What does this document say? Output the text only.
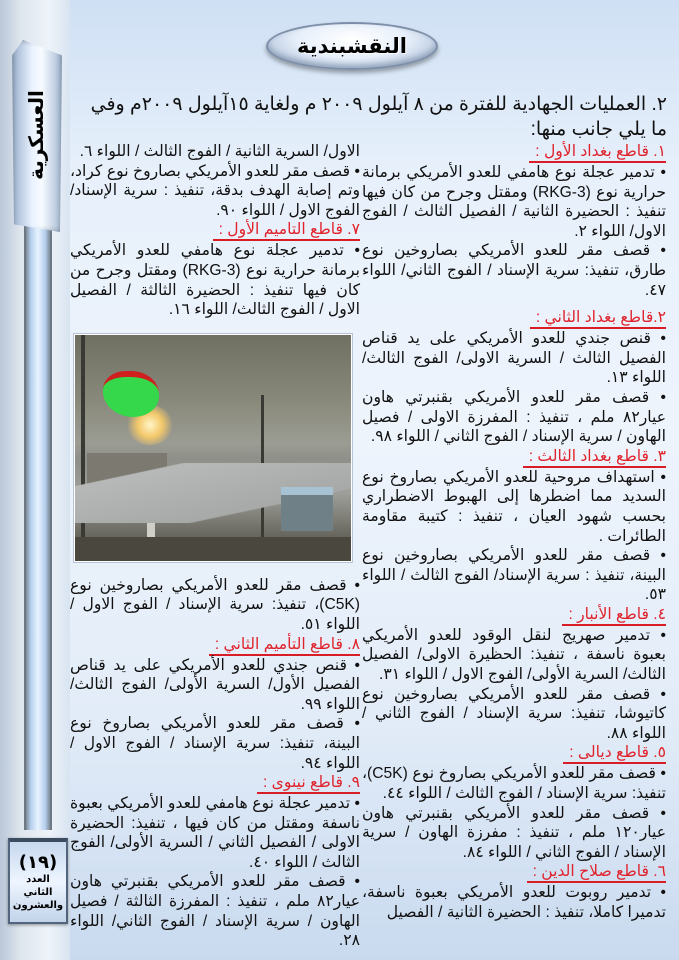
العسكرية
(١٩)
العدد
الثاني
والعشرون
النقشبندية
٢. العمليات الجهادية للفترة من ٨ آيلول ٢٠٠٩ م ولغاية ١٥آيلول ٢٠٠٩م وفي ما يلي جانب منها:

١. قاطع بغداد الأول :

• تدمير عجلة نوع هامفي للعدو الأمريكي برمانة حرارية نوع (RKG-3) ومقتل وجرح من كان فيها تنفيذ : الحضيرة الثانية / الفصيل الثالث / الفوج الاول/ اللواء ٢.

• قصف مقر للعدو الأمريكي بصاروخين نوع طارق، تنفيذ: سرية الإسناد / الفوج الثاني/ اللواء ٤٧.

٢.قاطع بغداد الثاني :

• قنص جندي للعدو الأمريكي على يد قناص الفصيل الثالث / السرية الاولى/ الفوج الثالث/ اللواء ١٣.

• قصف مقر للعدو الأمريكي بقنبرتي هاون عيار٨٢ ملم ، تنفيذ : المفرزة الاولى / فصيل الهاون / سرية الإسناد / الفوج الثاني / اللواء ٩٨.

٣. قاطع بغداد الثالث :

• استهداف مروحية للعدو الأمريكي بصاروخ نوع السديد مما اضطرها إلى الهبوط الاضطراري بحسب شهود العيان ، تنفيذ : كتيبة مقاومة الطائرات .

• قصف مقر للعدو الأمريكي بصاروخين نوع البينة، تنفيذ : سرية الإسناد/ الفوج الثالث / اللواء ٥٣.

٤. قاطع الأنبار :

• تدمير صهريج لنقل الوقود للعدو الأمريكي بعبوة ناسفة ، تنفيذ: الحظيرة الاولى/ الفصيل الثالث/ السرية الأولى/ الفوج الاول / اللواء ٣١.

• قصف مقر للعدو الأمريكي بصاروخين نوع كاتيوشا، تنفيذ: سرية الإسناد / الفوج الثاني / اللواء ٨٨.

٥. قاطع ديالى :

• قصف مقر للعدو الأمريكي بصاروخ نوع (C5K)، تنفيذ: سرية الإسناد / الفوج الثالث / اللواء ٤٤.

• قصف مقر للعدو الأمريكي بقنبرتي هاون عيار١٢٠ ملم ، تنفيذ : مفرزة الهاون / سرية الإسناد / الفوج الثاني / اللواء ٨٤.

٦. قاطع صلاح الدين :

• تدمير روبوت للعدو الأمريكي بعبوة ناسفة، تدميرا كاملا، تنفيذ : الحضيرة الثانية / الفصيل

الاول/ السرية الثانية / الفوج الثالث / اللواء ٦.

• قصف مقر للعدو الأمريكي بصاروخ نوع كراد، وتم إصابة الهدف بدقة، تنفيذ : سرية الإسناد/ الفوج الاول / اللواء ٩٠.

٧. قاطع التاميم الأول :

• تدمير عجلة نوع هامفي للعدو الأمريكي برمانة حرارية نوع (RKG-3) ومقتل وجرح من كان فيها تنفيذ : الحضيرة الثالثة / الفصيل الاول / الفوج الثالث/ اللواء ١٦.

• قصف مقر للعدو الأمريكي بصاروخين نوع (C5K)، تنفيذ: سرية الإسناد / الفوج الاول / اللواء ٥١.

٨. قاطع التأميم الثاني :

• قنص جندي للعدو الأمريكي على يد قناص الفصيل الأول/ السرية الأولى/ الفوج الثالث/ اللواء ٩٩.

• قصف مقر للعدو الأمريكي بصاروخ نوع البينة، تنفيذ: سرية الإسناد / الفوج الاول / اللواء ٩٤.

٩. قاطع نينوى :

• تدمير عجلة نوع هامفي للعدو الأمريكي بعبوة ناسفة ومقتل من كان فيها ، تنفيذ: الحضيرة الاولى / الفصيل الثاني / السرية الأولى/ الفوج الثالث / اللواء ٤٠.

• قصف مقر للعدو الأمريكي بقنبرتي هاون عيار٨٢ ملم ، تنفيذ : المفرزة الثالثة / فصيل الهاون / سرية الإسناد / الفوج الثاني/ اللواء ٢٨.
